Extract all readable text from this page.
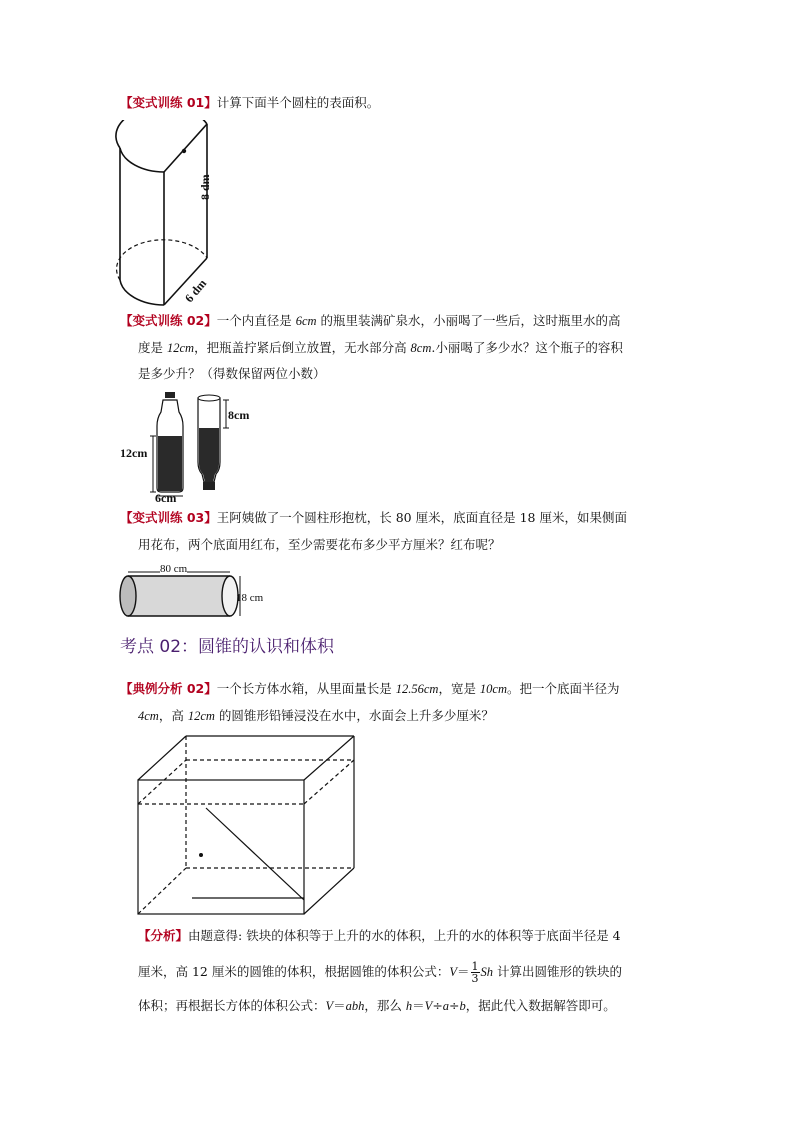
【变式训练 01】计算下面半个圆柱的表面积。
8 dm
6 dm
【变式训练 02】一个内直径是 6cm 的瓶里装满矿泉水，小丽喝了一些后，这时瓶里水的高
度是 12cm，把瓶盖拧紧后倒立放置，无水部分高 8cm.小丽喝了多少水？这个瓶子的容积
是多少升？（得数保留两位小数）
8cm
12cm
6cm
【变式训练 03】王阿姨做了一个圆柱形抱枕，长 80 厘米，底面直径是 18 厘米，如果侧面
用花布，两个底面用红布，至少需要花布多少平方厘米？红布呢？
80 cm
18 cm
考点 02：圆锥的认识和体积
【典例分析 02】一个长方体水箱，从里面量长是 12.56cm，宽是 10cm。把一个底面半径为
4cm，高 12cm 的圆锥形铅锤浸没在水中，水面会上升多少厘米？
【分析】由题意得: 铁块的体积等于上升的水的体积，上升的水的体积等于底面半径是 4
厘米，高 12 厘米的圆锥的体积，根据圆锥的体积公式：$V= \frac{1}{3}$ Sh 计算出圆锥形的铁块的
体积；再根据长方体的体积公式：V＝abh，那么 h＝V÷a÷b，据此代入数据解答即可。
